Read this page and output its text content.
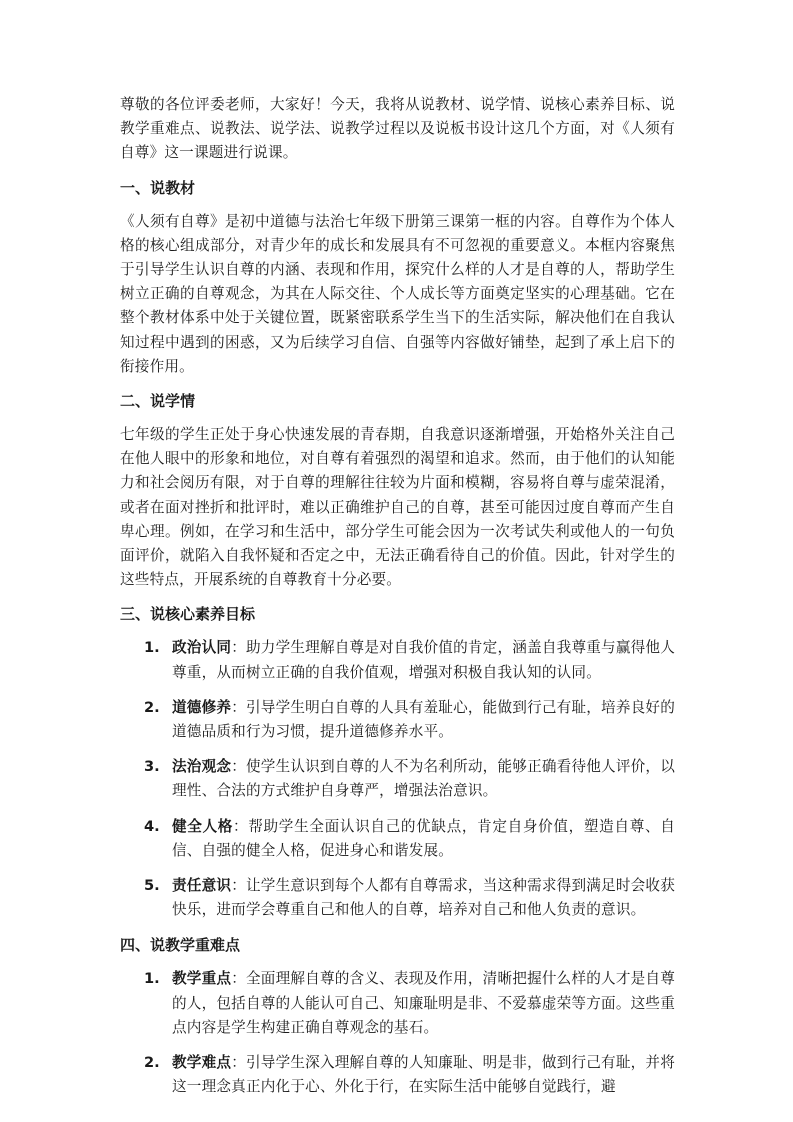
尊敬的各位评委老师，大家好！今天，我将从说教材、说学情、说核心素养目标、说教学重难点、说教法、说学法、说教学过程以及说板书设计这几个方面，对《人须有自尊》这一课题进行说课。

一、说教材

《人须有自尊》是初中道德与法治七年级下册第三课第一框的内容。自尊作为个体人格的核心组成部分，对青少年的成长和发展具有不可忽视的重要意义。本框内容聚焦于引导学生认识自尊的内涵、表现和作用，探究什么样的人才是自尊的人，帮助学生树立正确的自尊观念，为其在人际交往、个人成长等方面奠定坚实的心理基础。它在整个教材体系中处于关键位置，既紧密联系学生当下的生活实际，解决他们在自我认知过程中遇到的困惑，又为后续学习自信、自强等内容做好铺垫，起到了承上启下的衔接作用。

二、说学情

七年级的学生正处于身心快速发展的青春期，自我意识逐渐增强，开始格外关注自己在他人眼中的形象和地位，对自尊有着强烈的渴望和追求。然而，由于他们的认知能力和社会阅历有限，对于自尊的理解往往较为片面和模糊，容易将自尊与虚荣混淆，或者在面对挫折和批评时，难以正确维护自己的自尊，甚至可能因过度自尊而产生自卑心理。例如，在学习和生活中，部分学生可能会因为一次考试失利或他人的一句负面评价，就陷入自我怀疑和否定之中，无法正确看待自己的价值。因此，针对学生的这些特点，开展系统的自尊教育十分必要。

三、说核心素养目标
1. 政治认同：助力学生理解自尊是对自我价值的肯定，涵盖自我尊重与赢得他人尊重，从而树立正确的自我价值观，增强对积极自我认知的认同。
2. 道德修养：引导学生明白自尊的人具有羞耻心，能做到行己有耻，培养良好的道德品质和行为习惯，提升道德修养水平。
3. 法治观念：使学生认识到自尊的人不为名利所动，能够正确看待他人评价，以理性、合法的方式维护自身尊严，增强法治意识。
4. 健全人格：帮助学生全面认识自己的优缺点，肯定自身价值，塑造自尊、自信、自强的健全人格，促进身心和谐发展。
5. 责任意识：让学生意识到每个人都有自尊需求，当这种需求得到满足时会收获快乐，进而学会尊重自己和他人的自尊，培养对自己和他人负责的意识。
四、说教学重难点
1. 教学重点：全面理解自尊的含义、表现及作用，清晰把握什么样的人才是自尊的人，包括自尊的人能认可自己、知廉耻明是非、不爱慕虚荣等方面。这些重点内容是学生构建正确自尊观念的基石。
2. 教学难点：引导学生深入理解自尊的人知廉耻、明是非，做到行己有耻，并将这一理念真正内化于心、外化于行，在实际生活中能够自觉践行，避
